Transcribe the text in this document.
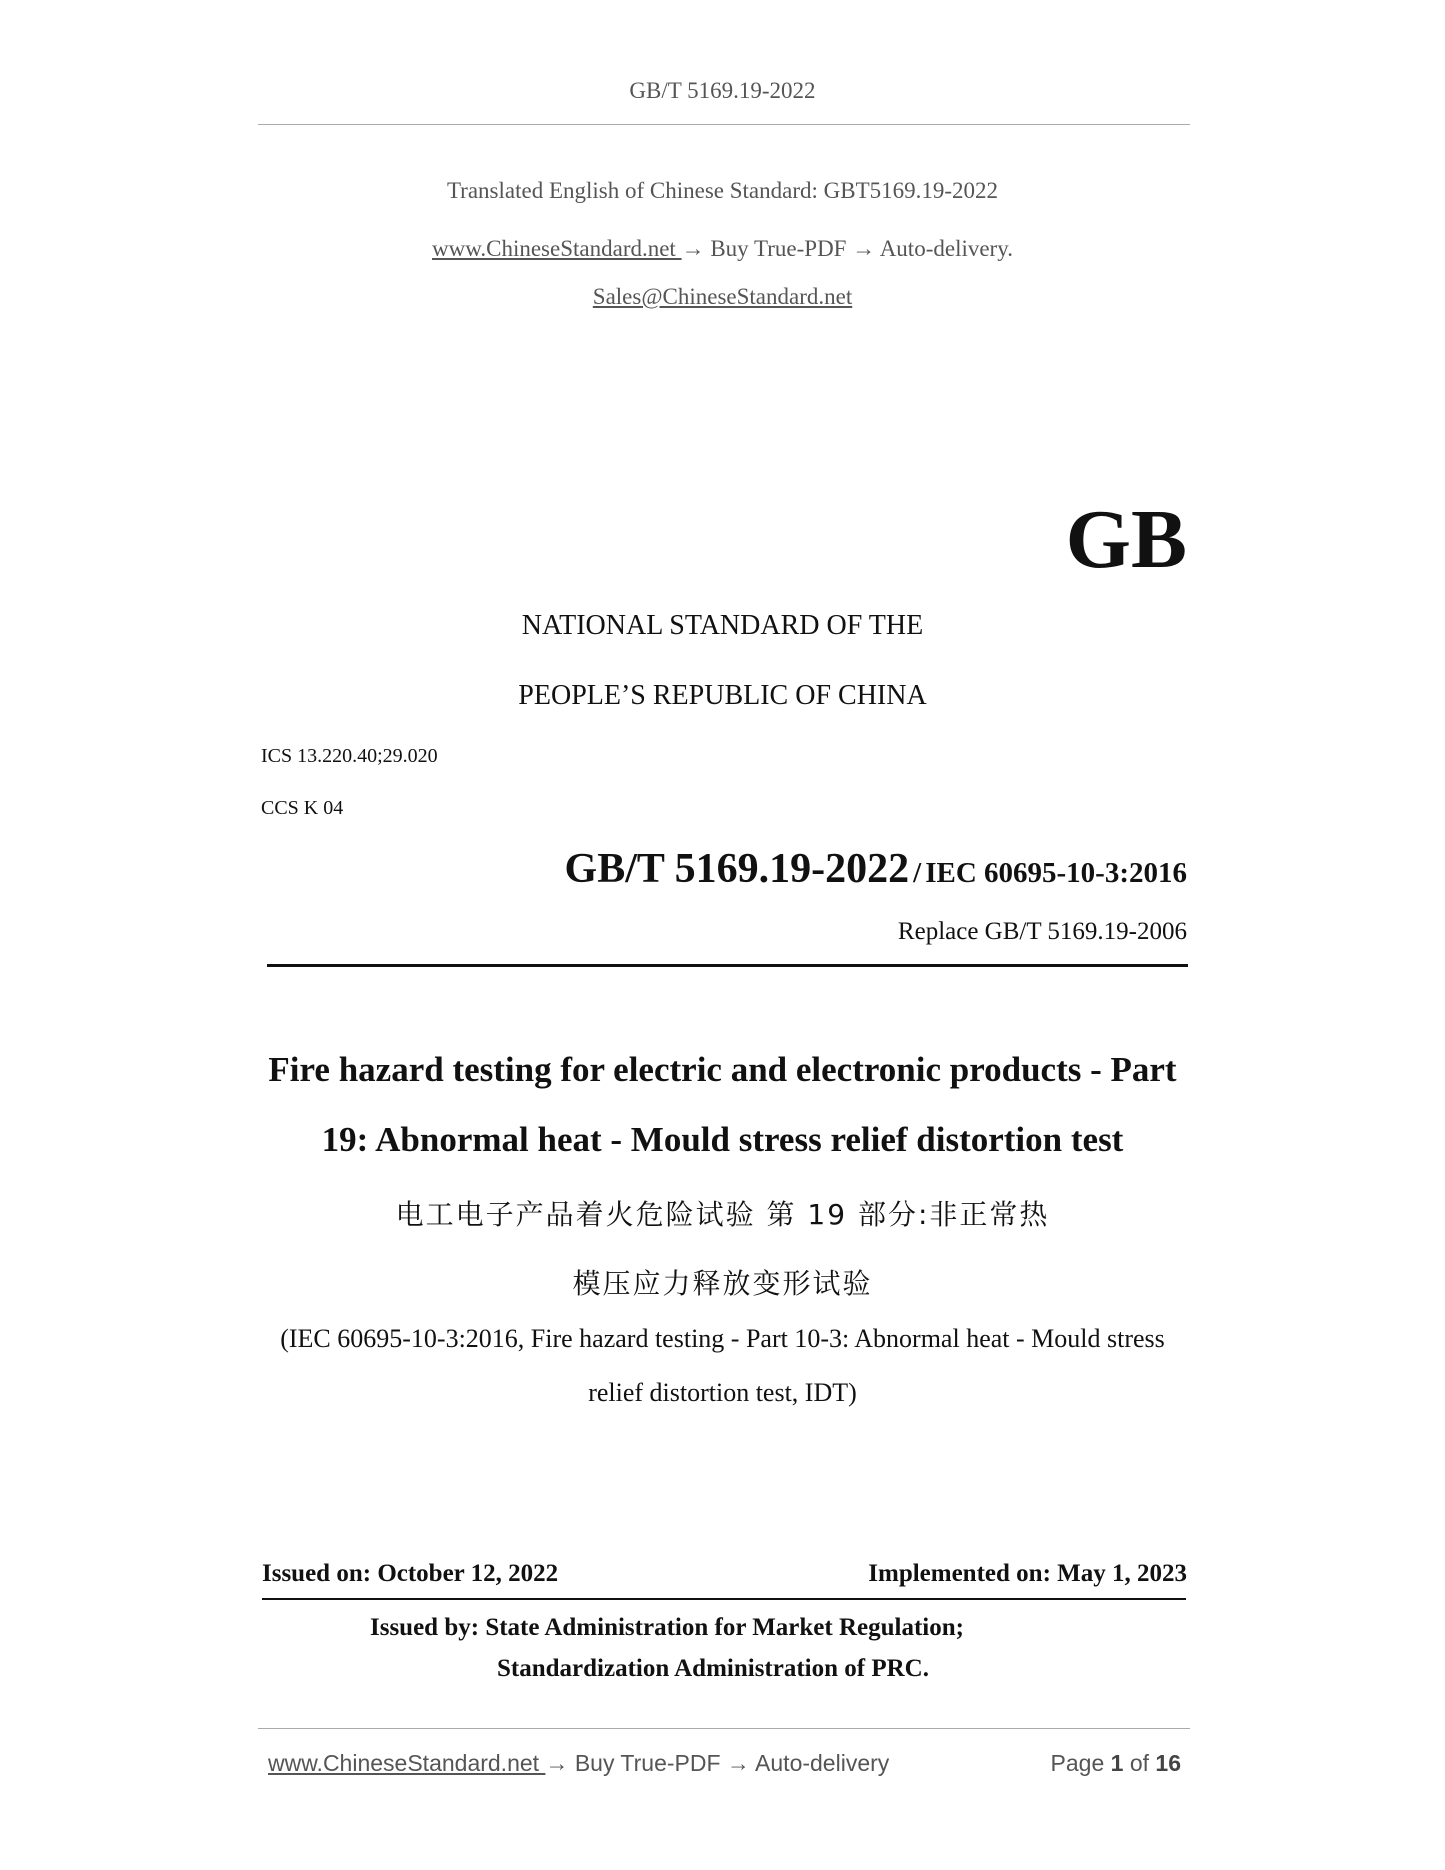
GB/T 5169.19-2022
Translated English of Chinese Standard: GBT5169.19-2022
www.ChineseStandard.net → Buy True-PDF → Auto-delivery.
Sales@ChineseStandard.net
GB
NATIONAL STANDARD OF THE
PEOPLE’S REPUBLIC OF CHINA
ICS 13.220.40;29.020
CCS K 04
GB/T 5169.19-2022 / IEC 60695-10-3:2016
Replace GB/T 5169.19-2006
Fire hazard testing for electric and electronic products - Part
19: Abnormal heat - Mould stress relief distortion test
电工电子产品着火危险试验 第 19 部分:非正常热
模压应力释放变形试验
(IEC 60695-10-3:2016, Fire hazard testing - Part 10-3: Abnormal heat - Mould stress
relief distortion test, IDT)
Issued on: October 12, 2022	Implemented on: May 1, 2023
Issued by: State Administration for Market Regulation;
Standardization Administration of PRC.
www.ChineseStandard.net → Buy True-PDF → Auto-delivery	Page 1 of 16
